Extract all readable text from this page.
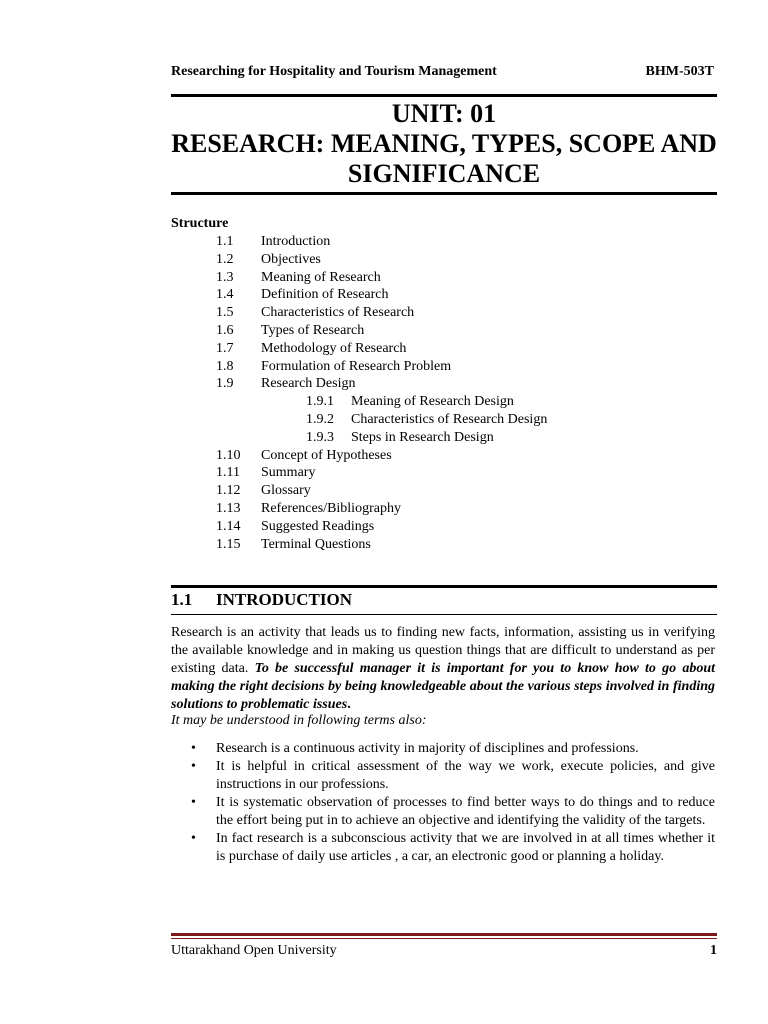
Researching for Hospitality and Tourism Management	BHM-503T
UNIT: 01
RESEARCH: MEANING, TYPES, SCOPE AND
SIGNIFICANCE
Structure
1.1 Introduction
1.2 Objectives
1.3 Meaning of Research
1.4 Definition of Research
1.5 Characteristics of Research
1.6 Types of Research
1.7 Methodology of Research
1.8 Formulation of Research Problem
1.9 Research Design
1.9.1 Meaning of Research Design
1.9.2 Characteristics of Research Design
1.9.3 Steps in Research Design
1.10 Concept of Hypotheses
1.11 Summary
1.12 Glossary
1.13 References/Bibliography
1.14 Suggested Readings
1.15 Terminal Questions
1.1 INTRODUCTION
Research is an activity that leads us to finding new facts, information, assisting us in verifying the available knowledge and in making us question things that are difficult to understand as per existing data. To be successful manager it is important for you to know how to go about making the right decisions by being knowledgeable about the various steps involved in finding solutions to problematic issues.
It may be understood in following terms also:

• Research is a continuous activity in majority of disciplines and professions.

• It is helpful in critical assessment of the way we work, execute policies, and give instructions in our professions.

• It is systematic observation of processes to find better ways to do things and to reduce the effort being put in to achieve an objective and identifying the validity of the targets.

• In fact research is a subconscious activity that we are involved in at all times whether it is purchase of daily use articles , a car, an electronic good or planning a holiday.

Uttarakhand Open University	1
